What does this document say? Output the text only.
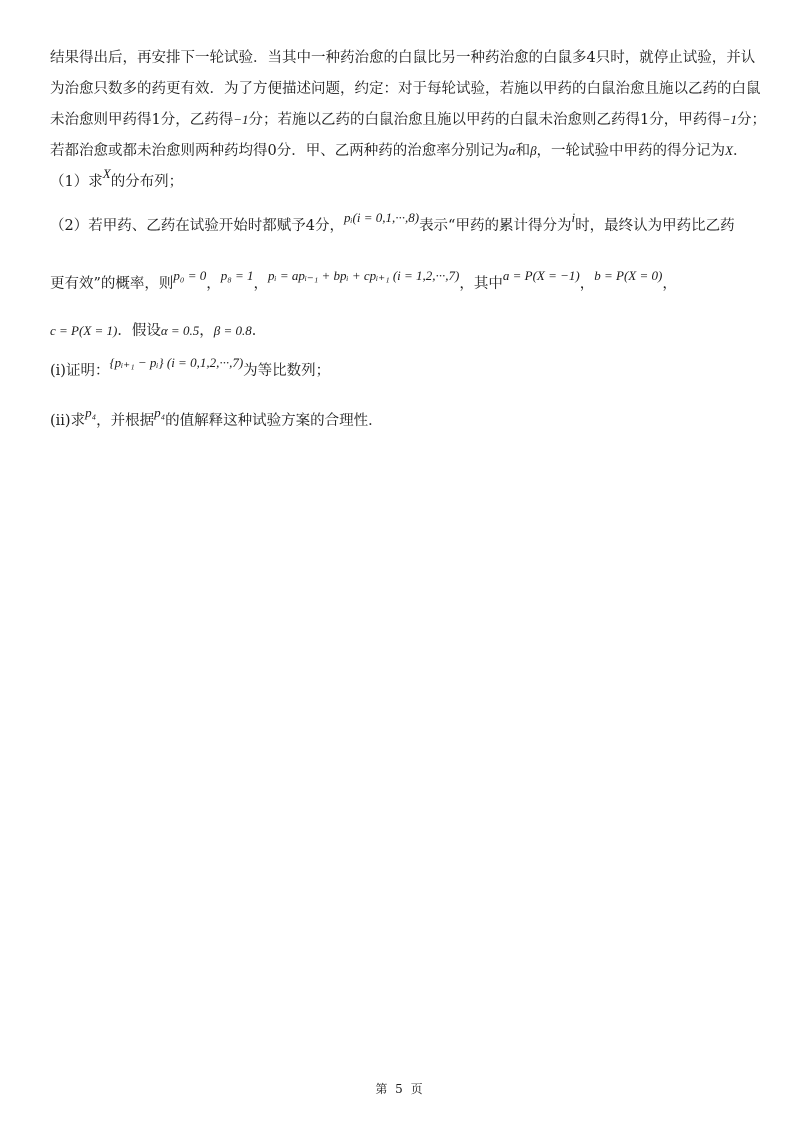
结果得出后，再安排下一轮试验．当其中一种药治愈的白鼠比另一种药治愈的白鼠多4只时，就停止试验，并认
为治愈只数多的药更有效．为了方便描述问题，约定：对于每轮试验，若施以甲药的白鼠治愈且施以乙药的白鼠
未治愈则甲药得1分，乙药得−1分；若施以乙药的白鼠治愈且施以甲药的白鼠未治愈则乙药得1分，甲药得−1分；
若都治愈或都未治愈则两种药均得0分．甲、乙两种药的治愈率分别记为α和β，一轮试验中甲药的得分记为X．
（1）求X的分布列；
（2）若甲药、乙药在试验开始时都赋予4分，pᵢ(i = 0,1,···,8)表示“甲药的累计得分为i时，最终认为甲药比乙药
更有效”的概率，则p₀ = 0，p₈ = 1，pᵢ = apᵢ₋₁ + bpᵢ + cpᵢ₊₁ (i = 1,2,···,7)，其中a = P(X = −1)，b = P(X = 0)，
c = P(X = 1)．假设α = 0.5，β = 0.8．
(i)证明：{pᵢ₊₁ − pᵢ} (i = 0,1,2,···,7)为等比数列；
(ii)求p₄，并根据p₄的值解释这种试验方案的合理性．
第 5 页
